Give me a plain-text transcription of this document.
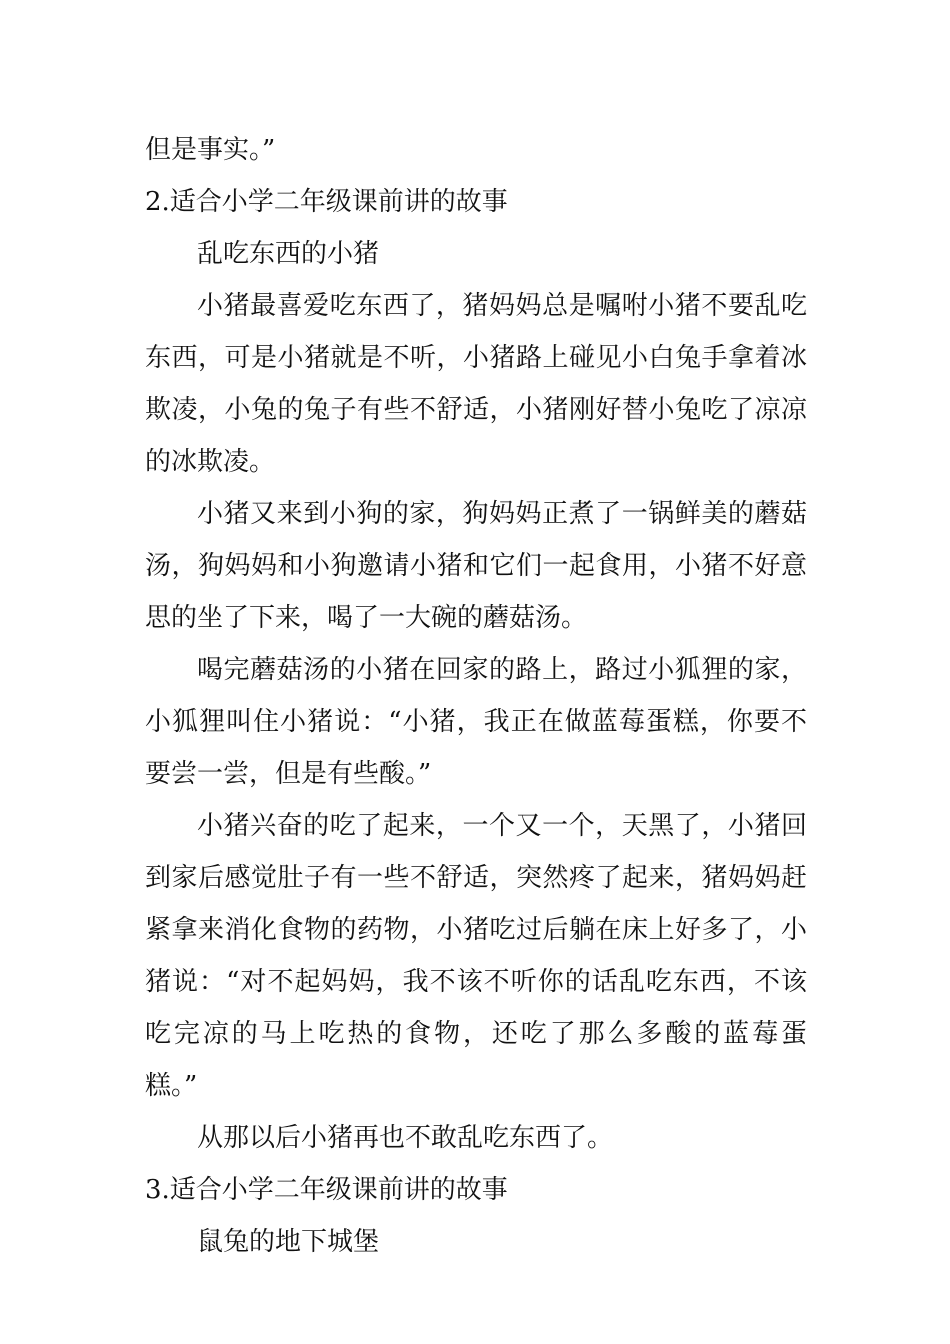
但是事实。”
2.适合小学二年级课前讲的故事
乱吃东西的小猪
小猪最喜爱吃东西了，猪妈妈总是嘱咐小猪不要乱吃
东西，可是小猪就是不听，小猪路上碰见小白兔手拿着冰
欺凌，小兔的兔子有些不舒适，小猪刚好替小兔吃了凉凉
的冰欺凌。
小猪又来到小狗的家，狗妈妈正煮了一锅鲜美的蘑菇
汤，狗妈妈和小狗邀请小猪和它们一起食用，小猪不好意
思的坐了下来，喝了一大碗的蘑菇汤。
喝完蘑菇汤的小猪在回家的路上，路过小狐狸的家，
小狐狸叫住小猪说：“小猪，我正在做蓝莓蛋糕，你要不
要尝一尝，但是有些酸。”
小猪兴奋的吃了起来，一个又一个，天黑了，小猪回
到家后感觉肚子有一些不舒适，突然疼了起来，猪妈妈赶
紧拿来消化食物的药物，小猪吃过后躺在床上好多了，小
猪说：“对不起妈妈，我不该不听你的话乱吃东西，不该
吃完凉的马上吃热的食物，还吃了那么多酸的蓝莓蛋
糕。”
从那以后小猪再也不敢乱吃东西了。
3.适合小学二年级课前讲的故事
鼠兔的地下城堡
